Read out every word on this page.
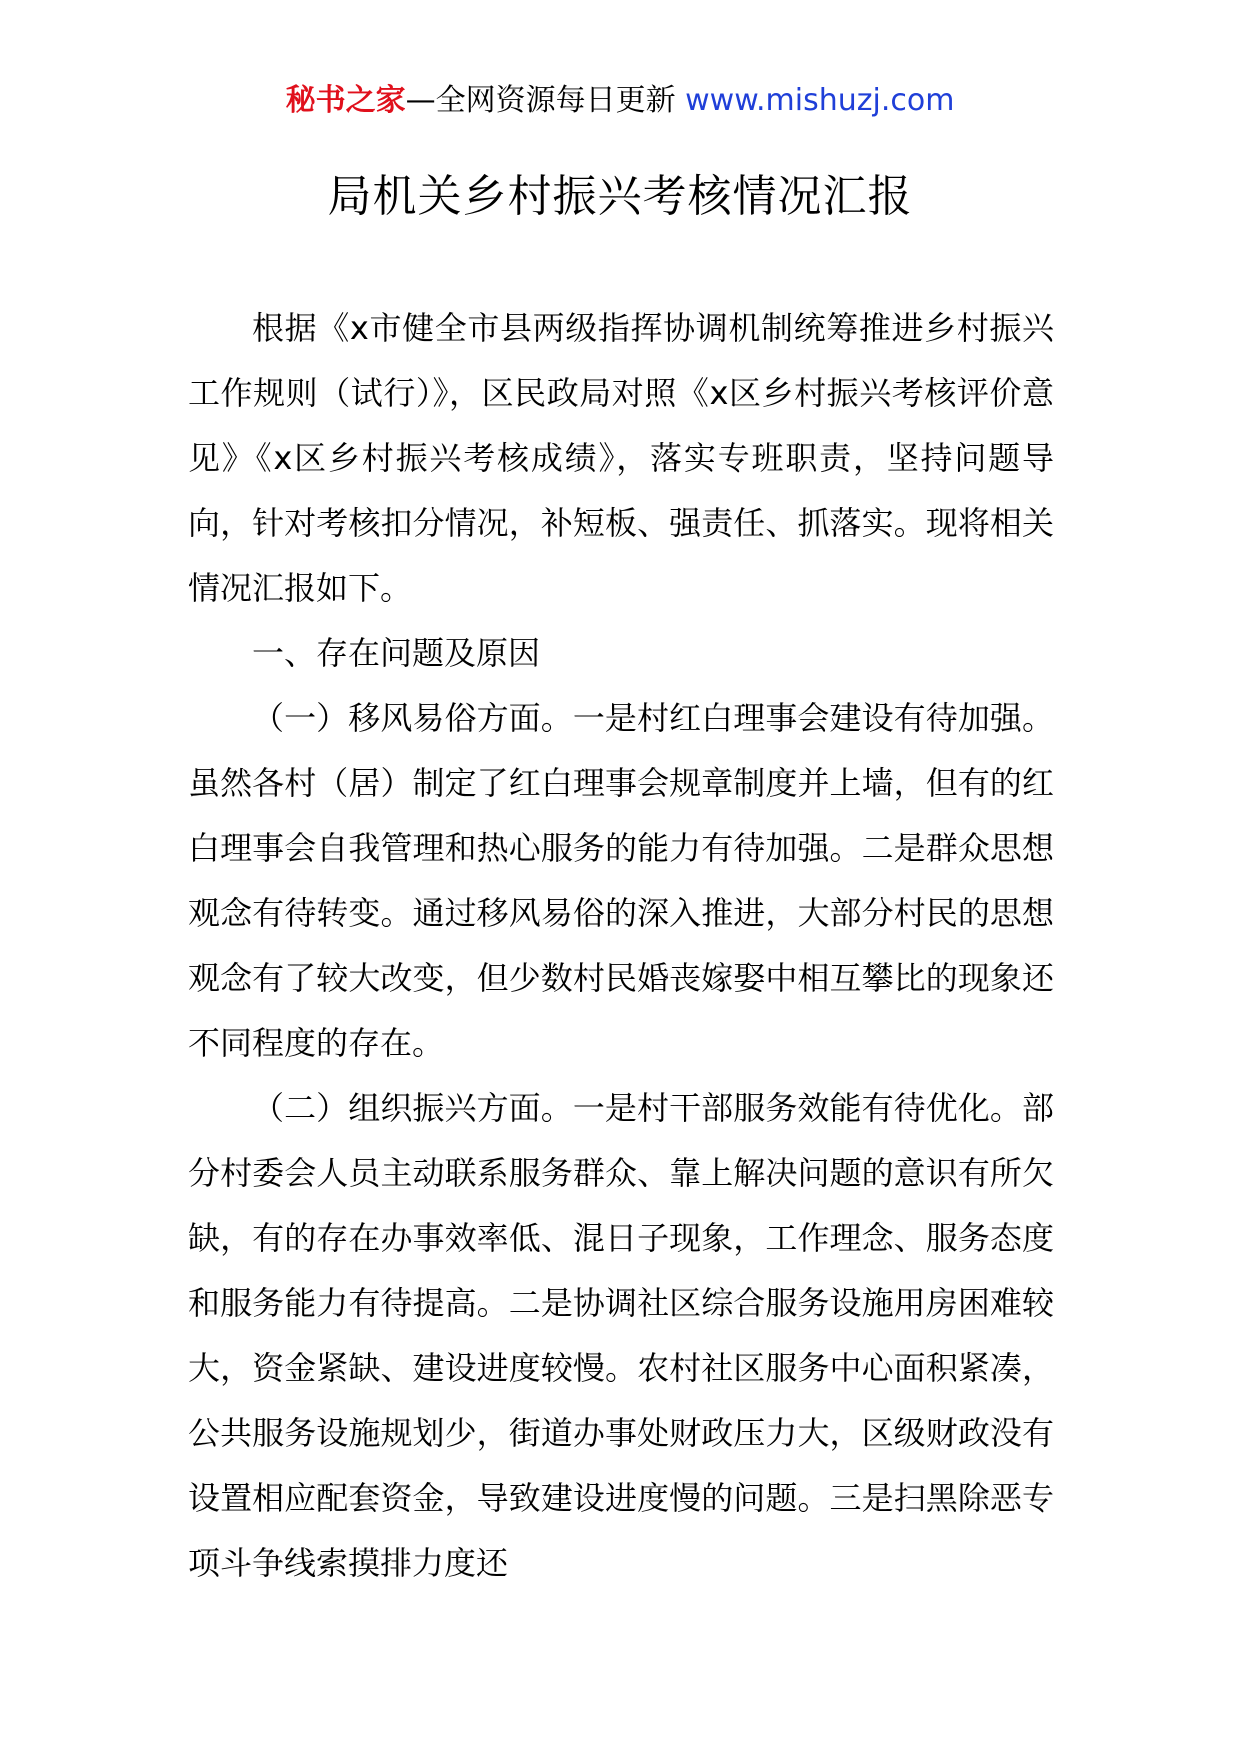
秘书之家—全网资源每日更新 www.mishuzj.com
局机关乡村振兴考核情况汇报

根据《x市健全市县两级指挥协调机制统筹推进乡村振兴工作规则（试行）》，区民政局对照《x区乡村振兴考核评价意见》《x区乡村振兴考核成绩》，落实专班职责，坚持问题导向，针对考核扣分情况，补短板、强责任、抓落实。现将相关情况汇报如下。

一、存在问题及原因

（一）移风易俗方面。一是村红白理事会建设有待加强。虽然各村（居）制定了红白理事会规章制度并上墙，但有的红白理事会自我管理和热心服务的能力有待加强。二是群众思想观念有待转变。通过移风易俗的深入推进，大部分村民的思想观念有了较大改变，但少数村民婚丧嫁娶中相互攀比的现象还不同程度的存在。

（二）组织振兴方面。一是村干部服务效能有待优化。部分村委会人员主动联系服务群众、靠上解决问题的意识有所欠缺，有的存在办事效率低、混日子现象，工作理念、服务态度和服务能力有待提高。二是协调社区综合服务设施用房困难较大，资金紧缺、建设进度较慢。农村社区服务中心面积紧凑，公共服务设施规划少，街道办事处财政压力大，区级财政没有设置相应配套资金，导致建设进度慢的问题。三是扫黑除恶专项斗争线索摸排力度还
